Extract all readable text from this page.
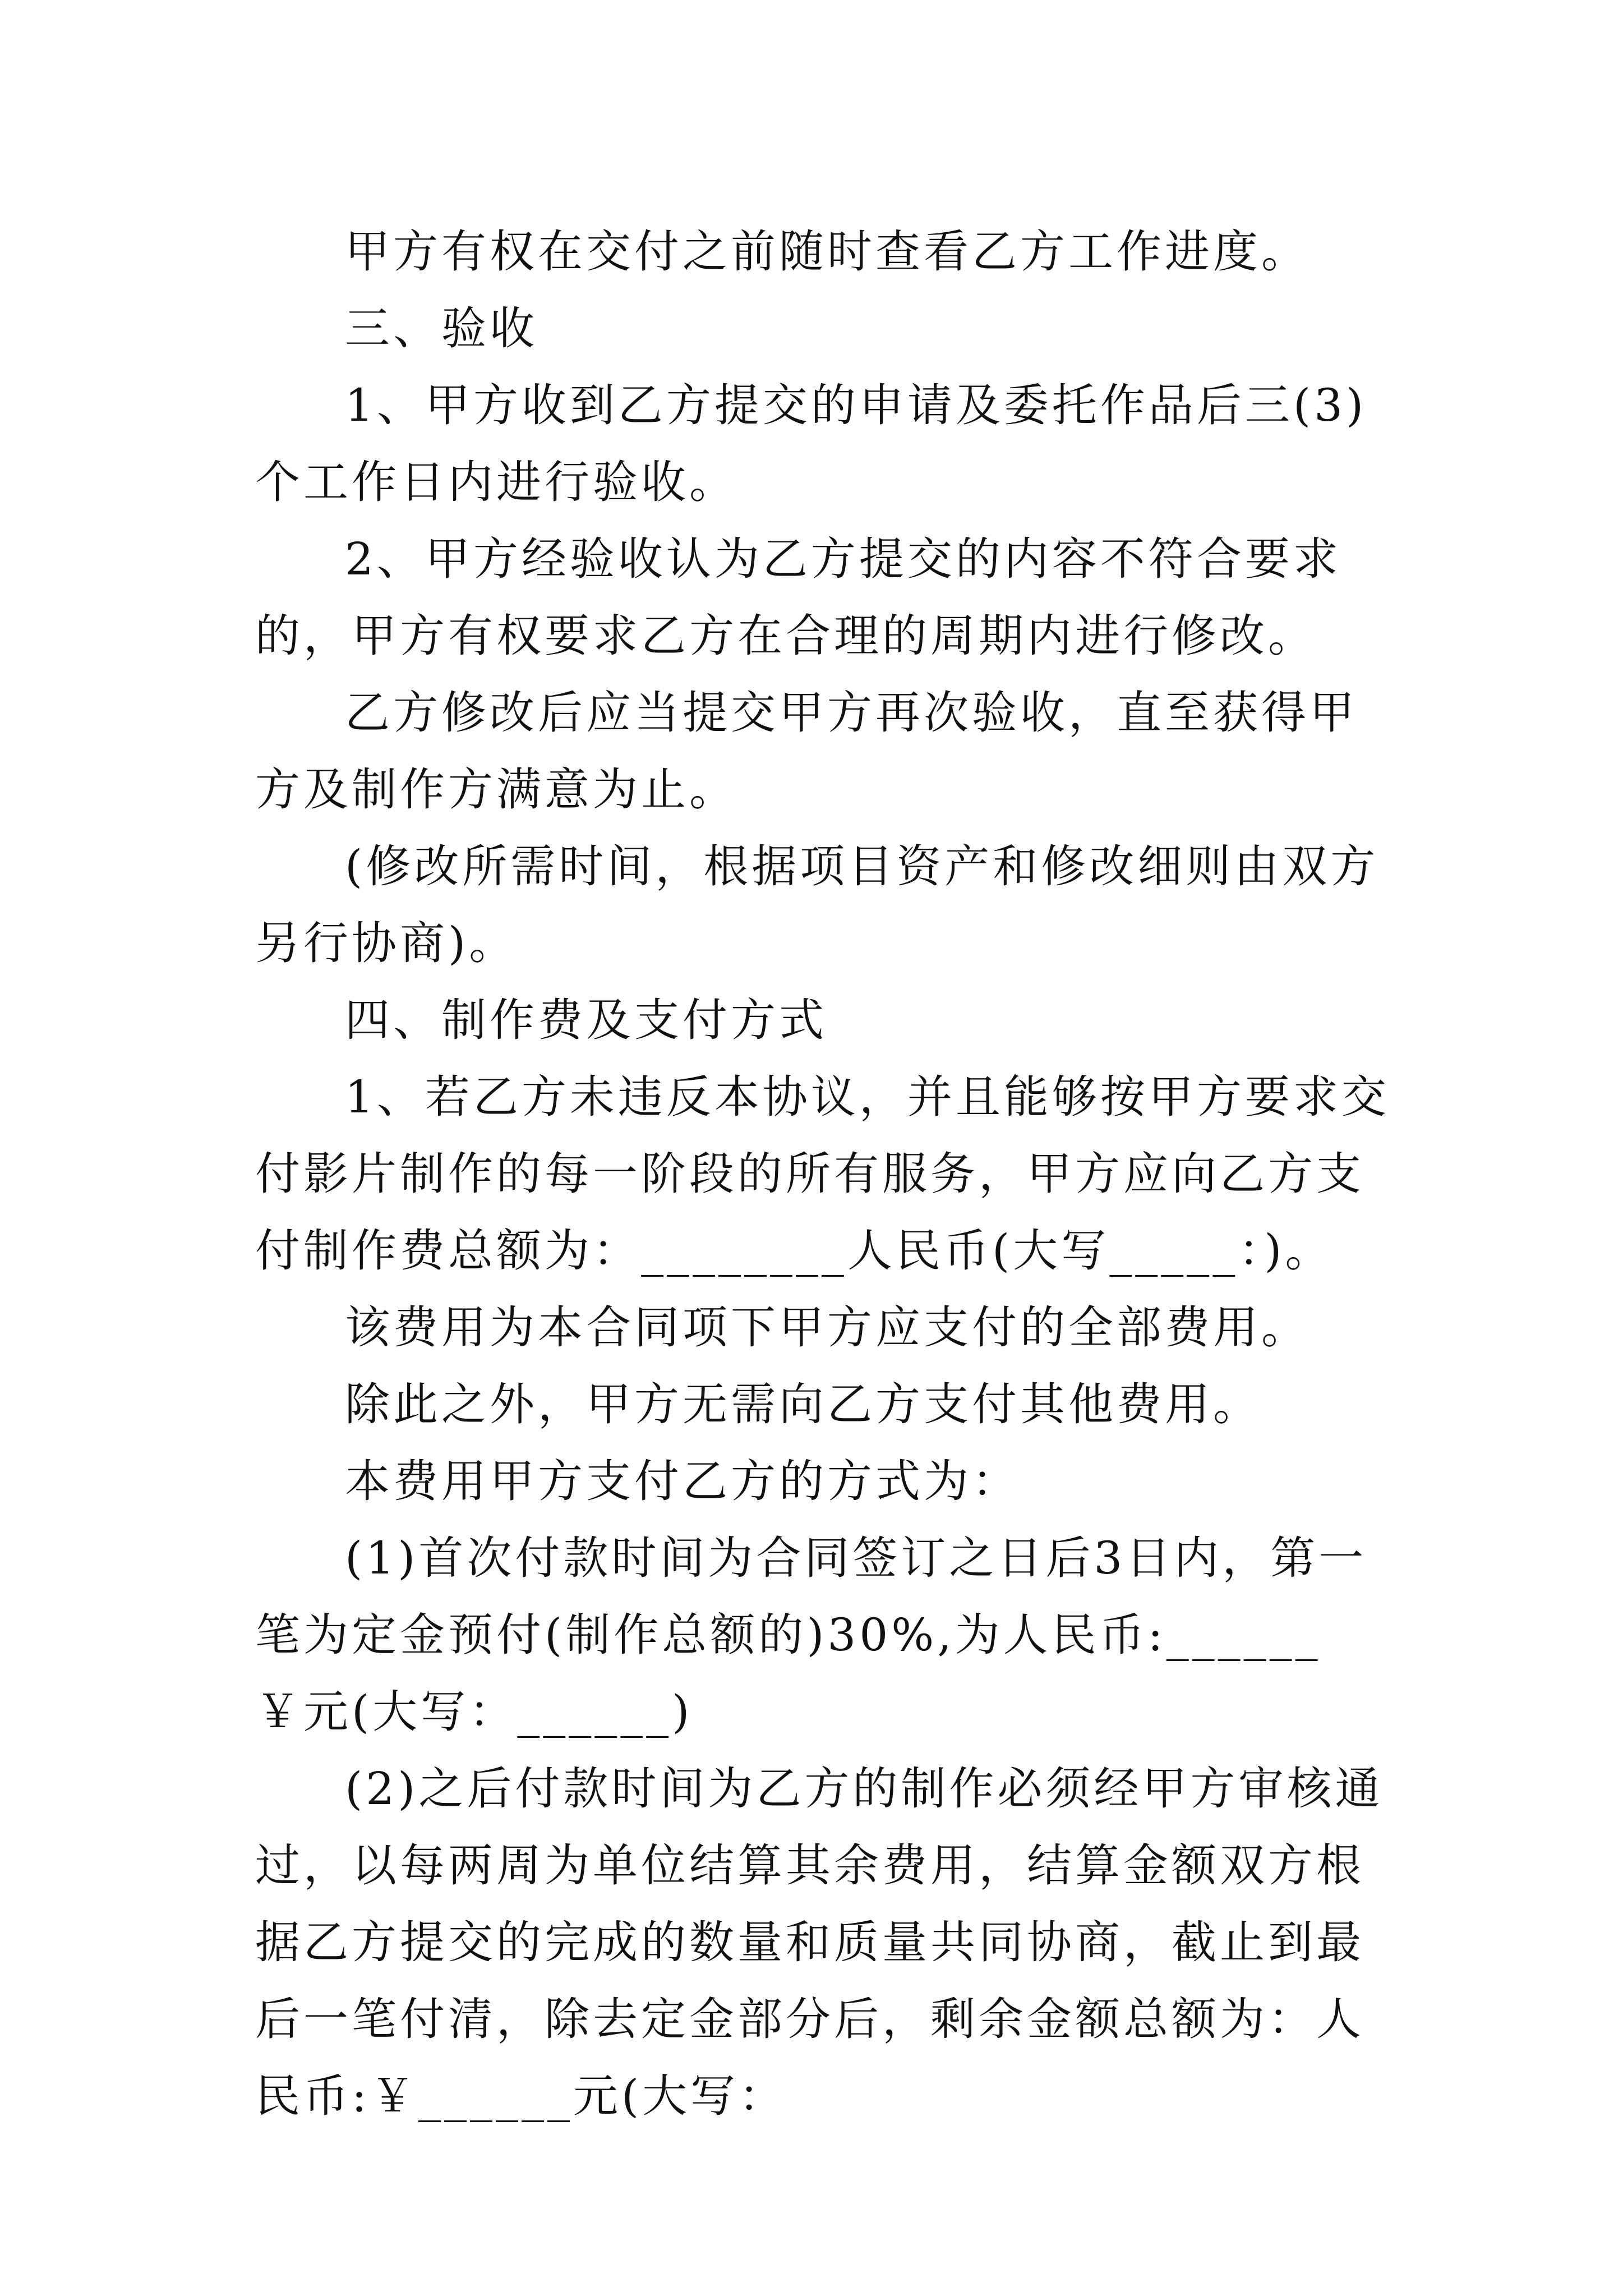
甲方有权在交付之前随时查看乙方工作进度。

三、验收

1、甲方收到乙方提交的申请及委托作品后三(3)个工作日内进行验收。

2、甲方经验收认为乙方提交的内容不符合要求的，甲方有权要求乙方在合理的周期内进行修改。

乙方修改后应当提交甲方再次验收，直至获得甲方及制作方满意为止。

(修改所需时间，根据项目资产和修改细则由双方另行协商)。

四、制作费及支付方式

1、若乙方未违反本协议，并且能够按甲方要求交付影片制作的每一阶段的所有服务，甲方应向乙方支付制作费总额为：________人民币(大写_____：)。

该费用为本合同项下甲方应支付的全部费用。

除此之外，甲方无需向乙方支付其他费用。

本费用甲方支付乙方的方式为：

(1)首次付款时间为合同签订之日后3日内，第一笔为定金预付(制作总额的)30%,为人民币:______￥元(大写：______)

(2)之后付款时间为乙方的制作必须经甲方审核通过，以每两周为单位结算其余费用，结算金额双方根据乙方提交的完成的数量和质量共同协商，截止到最后一笔付清，除去定金部分后，剩余金额总额为：人民币:￥______元(大写：
